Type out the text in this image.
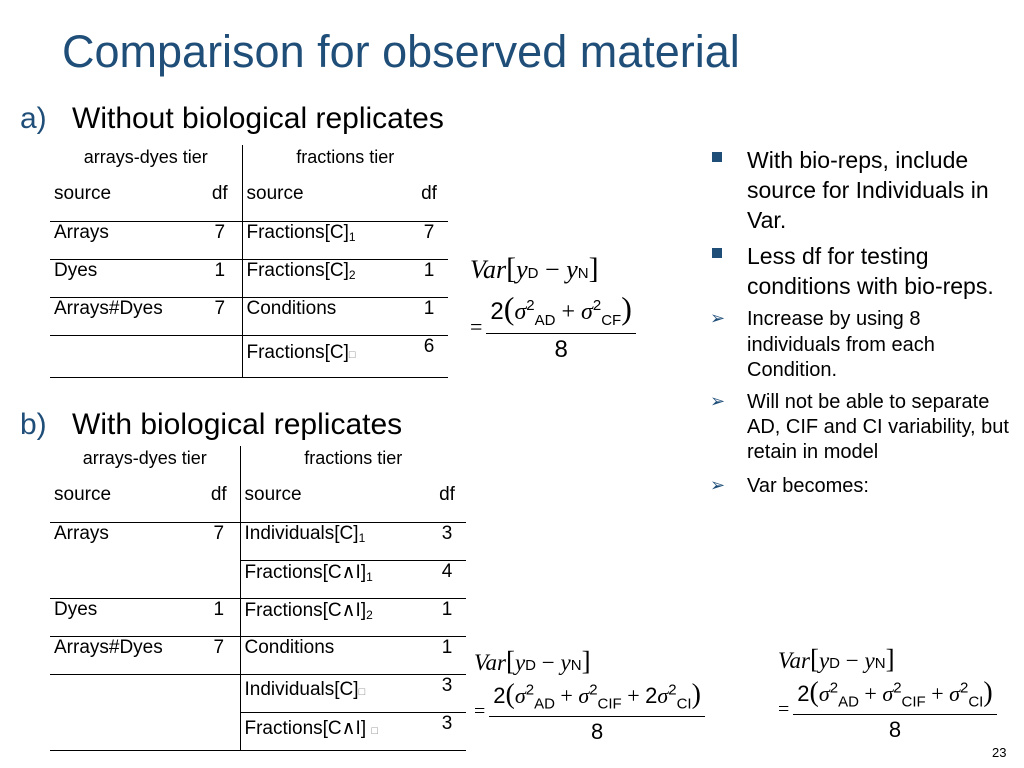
Comparison for observed material
a) Without biological replicates
arrays-dyes tier		fractions tier	
source	df	source	df
Arrays	7	$Fractions[C]_1$	7
Dyes	1	$Fractions[C]_2$	1
Arrays#Dyes	7	Conditions	1
		Fractions[C]□	6
b) With biological replicates
arrays-dyes tier		fractions tier	
source	df	source	df
Arrays	7	$Individuals[C]_1$	3
		$Fractions[C\wedge I]_1$	4
Dyes	1	$Fractions[C\wedge I]_2$	1
Arrays#Dyes	7	Conditions	1
		Individuals[C]□	3
		Fractions[C∧I] □	3
Var[yD − yN]
= $\frac{2(\sigma^2_{AD} + \sigma^2_{CF})}{8}$
Var[yD − yN]
= $\frac{2(\sigma^2_{AD} + \sigma^2_{CIF} + 2\sigma^2_{CI})}{8}$
Var[yD − yN]
= $\frac{2(\sigma^2_{AD} + \sigma^2_{CIF} + \sigma^2_{CI})}{8}$
With bio-reps, include source for Individuals in Var.
Less df for testing conditions with bio-reps.
➢ Increase by using 8 individuals from each Condition.
➢ Will not be able to separate AD, CIF and CI variability, but retain in model
➢ Var becomes:
23
